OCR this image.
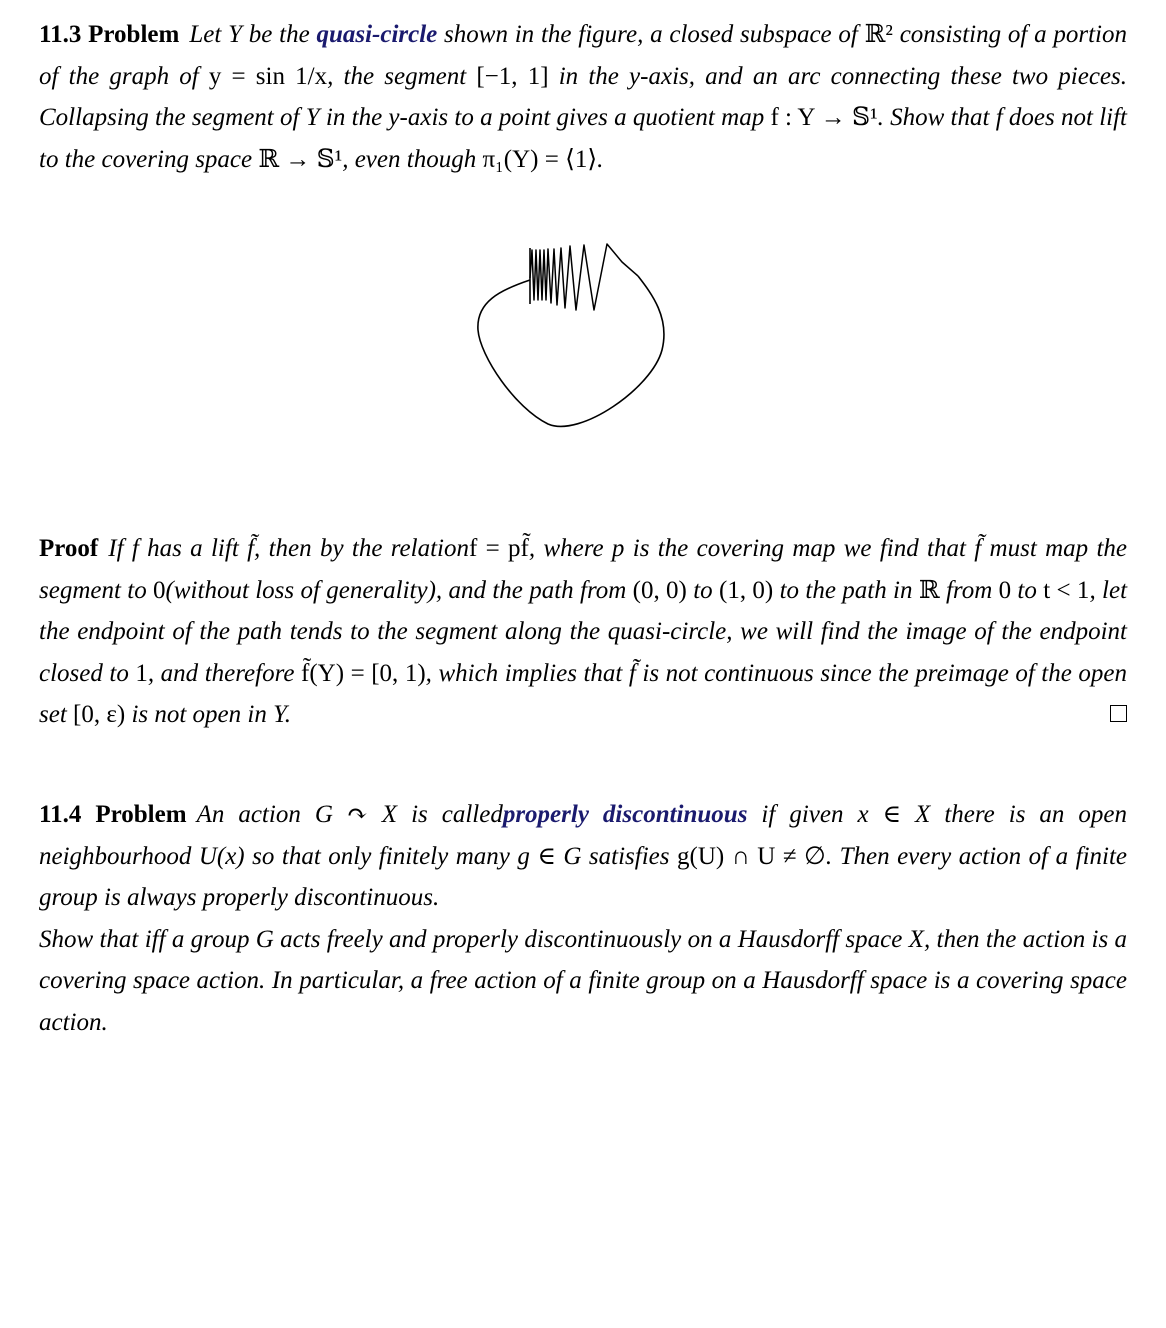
11.3 Problem Let Y be the quasi-circle shown in the figure, a closed subspace of ℝ² consisting of a portion of the graph of y = sin 1/x, the segment [−1, 1] in the y-axis, and an arc connecting these two pieces. Collapsing the segment of Y in the y-axis to a point gives a quotient map f : Y → 𝕊¹. Show that f does not lift to the covering space ℝ → 𝕊¹, even though π₁(Y) = ⟨1⟩.
Proof If f has a lift f̃, then by the relationf = pf̃, where p is the covering map we find that f̃ must map the segment to 0(without loss of generality), and the path from (0, 0) to (1, 0) to the path in ℝ from 0 to t < 1, let the endpoint of the path tends to the segment along the quasi-circle, we will find the image of the endpoint closed to 1, and therefore f̃(Y) = [0, 1), which implies that f̃ is not continuous since the preimage of the open set [0, ε) is not open in Y.
11.4 Problem An action G ↷ X is calledproperly discontinuous if given x ∈ X there is an open neighbourhood U(x) so that only finitely many g ∈ G satisfies g(U) ∩ U ≠ ∅. Then every action of a finite group is always properly discontinuous.
Show that iff a group G acts freely and properly discontinuously on a Hausdorff space X, then the action is a covering space action. In particular, a free action of a finite group on a Hausdorff space is a covering space action.
